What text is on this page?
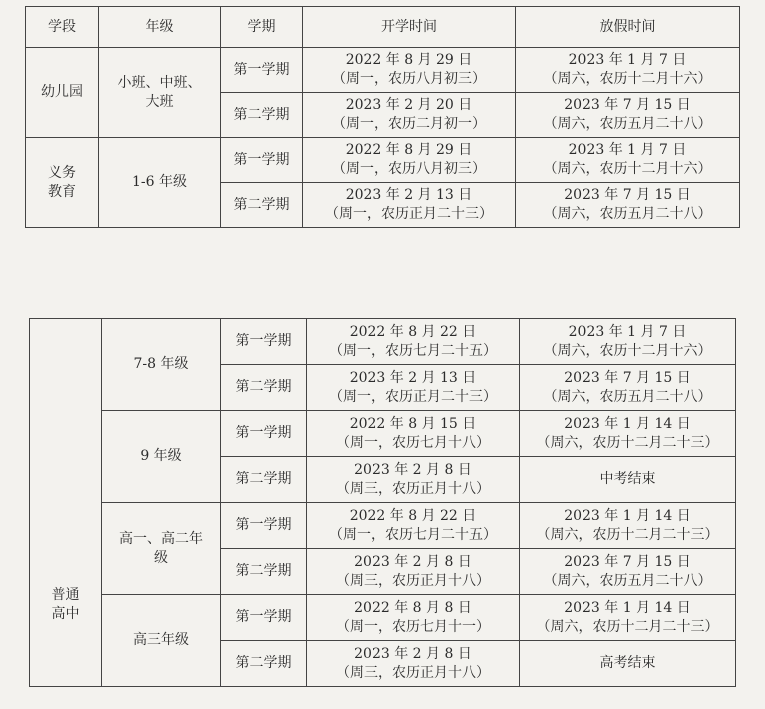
学段	年级	学期	开学时间	放假时间
幼儿园	小班、中班、
大班	第一学期	2022 年 8 月 29 日
（周一，农历八月初三）	2023 年 1 月 7 日
（周六，农历十二月十六）

		第二学期	2023 年 2 月 20 日
（周一，农历二月初一）	2023 年 7 月 15 日
（周六，农历五月二十八）

义务
教育	1-6 年级	第一学期	2022 年 8 月 29 日
（周一，农历八月初三）	2023 年 1 月 7 日
（周六，农历十二月十六）

		第二学期	2023 年 2 月 13 日
（周一，农历正月二十三）	2023 年 7 月 15 日
（周六，农历五月二十八）
普通
高中	7-8 年级	第一学期	2022 年 8 月 22 日
（周一，农历七月二十五）	2023 年 1 月 7 日
（周六，农历十二月十六）

		第二学期	2023 年 2 月 13 日
（周一，农历正月二十三）	2023 年 7 月 15 日
（周六，农历五月二十八）

	9 年级	第一学期	2022 年 8 月 15 日
（周一，农历七月十八）	2023 年 1 月 14 日
（周六，农历十二月二十三）

		第二学期	2023 年 2 月 8 日
（周三，农历正月十八）	中考结束

	高一、高二年
级	第一学期	2022 年 8 月 22 日
（周一，农历七月二十五）	2023 年 1 月 14 日
（周六，农历十二月二十三）

		第二学期	2023 年 2 月 8 日
（周三，农历正月十八）	2023 年 7 月 15 日
（周六，农历五月二十八）

	高三年级	第一学期	2022 年 8 月 8 日
（周一，农历七月十一）	2023 年 1 月 14 日
（周六，农历十二月二十三）

		第二学期	2023 年 2 月 8 日
（周三，农历正月十八）	高考结束
